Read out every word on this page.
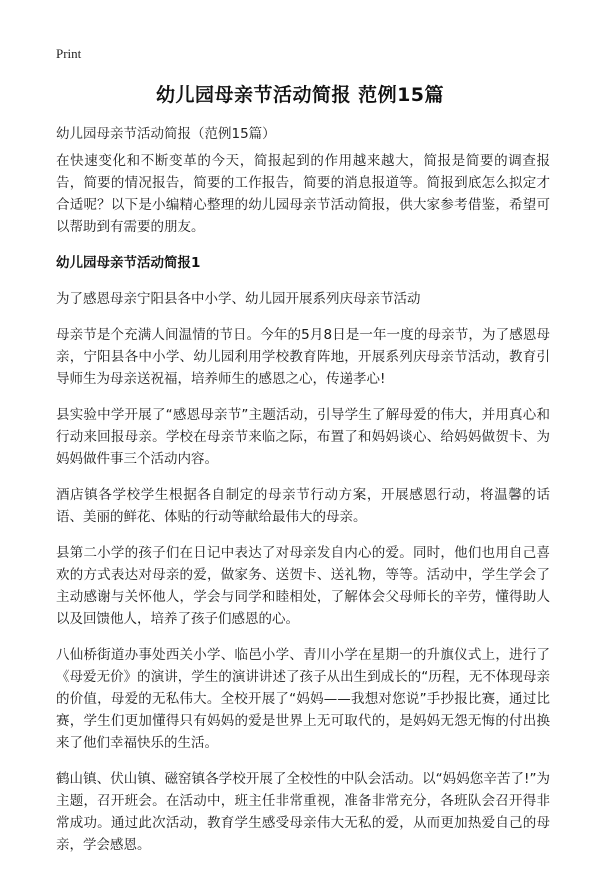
Print
幼儿园母亲节活动简报 范例15篇
幼儿园母亲节活动简报（范例15篇）

在快速变化和不断变革的今天，简报起到的作用越来越大，简报是简要的调查报告，简要的情况报告，简要的工作报告，简要的消息报道等。简报到底怎么拟定才合适呢？以下是小编精心整理的幼儿园母亲节活动简报，供大家参考借鉴，希望可以帮助到有需要的朋友。

幼儿园母亲节活动简报1

为了感恩母亲宁阳县各中小学、幼儿园开展系列庆母亲节活动

母亲节是个充满人间温情的节日。今年的5月8日是一年一度的母亲节，为了感恩母亲，宁阳县各中小学、幼儿园利用学校教育阵地，开展系列庆母亲节活动，教育引导师生为母亲送祝福，培养师生的感恩之心，传递孝心!

县实验中学开展了“感恩母亲节”主题活动，引导学生了解母爱的伟大，并用真心和行动来回报母亲。学校在母亲节来临之际，布置了和妈妈谈心、给妈妈做贺卡、为妈妈做件事三个活动内容。

酒店镇各学校学生根据各自制定的母亲节行动方案，开展感恩行动，将温馨的话语、美丽的鲜花、体贴的行动等献给最伟大的母亲。

县第二小学的孩子们在日记中表达了对母亲发自内心的爱。同时，他们也用自己喜欢的方式表达对母亲的爱，做家务、送贺卡、送礼物，等等。活动中，学生学会了主动感谢与关怀他人，学会与同学和睦相处，了解体会父母师长的辛劳，懂得助人以及回馈他人，培养了孩子们感恩的心。

八仙桥街道办事处西关小学、临邑小学、青川小学在星期一的升旗仪式上，进行了《母爱无价》的演讲，学生的演讲讲述了孩子从出生到成长的“历程，无不体现母亲的价值，母爱的无私伟大。全校开展了“妈妈——我想对您说”手抄报比赛，通过比赛，学生们更加懂得只有妈妈的爱是世界上无可取代的，是妈妈无怨无悔的付出换来了他们幸福快乐的生活。

鹤山镇、伏山镇、磁窑镇各学校开展了全校性的中队会活动。以“妈妈您辛苦了!”为主题，召开班会。在活动中，班主任非常重视，准备非常充分，各班队会召开得非常成功。通过此次活动，教育学生感受母亲伟大无私的爱，从而更加热爱自己的母亲，学会感恩。
